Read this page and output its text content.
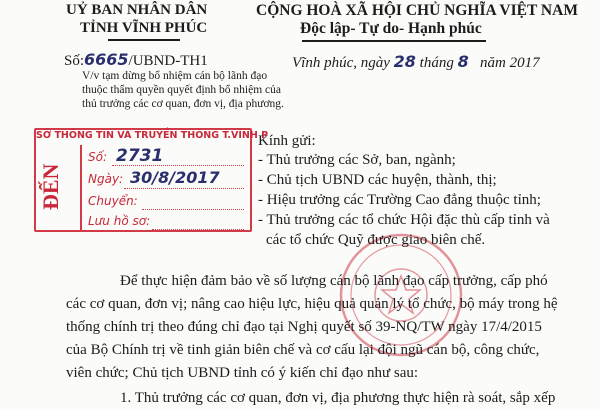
UỶ BAN NHÂN DÂN
TỈNH VĨNH PHÚC
CỘNG HOÀ XÃ HỘI CHỦ NGHĨA VIỆT NAM
Độc lập- Tự do- Hạnh phúc
Số:6665/UBND-TH1	Vĩnh phúc, ngày 28 tháng 8 năm 2017
V/v tạm dừng bổ nhiệm cán bộ lãnh đạo
thuộc thẩm quyền quyết định bổ nhiệm của
thủ trưởng các cơ quan, đơn vị, địa phương.
SỞ THÔNG TIN VÀ TRUYỀN THÔNG T.VĨNH P
ĐẾN
Số: 2731
Ngày: 30/8/2017
Chuyển:
Lưu hồ sơ:
Kính gửi:
- Thủ trưởng các Sở, ban, ngành;
- Chủ tịch UBND các huyện, thành, thị;
- Hiệu trưởng các Trường Cao đẳng thuộc tỉnh;
- Thủ trưởng các tổ chức Hội đặc thù cấp tỉnh và
các tổ chức Quỹ được giao biên chế.
Để thực hiện đảm bảo về số lượng cán bộ lãnh đạo cấp trưởng, cấp phó
các cơ quan, đơn vị; nâng cao hiệu lực, hiệu quả quản lý tổ chức, bộ máy trong hệ
thống chính trị theo đúng chỉ đạo tại Nghị quyết số 39-NQ/TW ngày 17/4/2015
của Bộ Chính trị về tinh giản biên chế và cơ cấu lại đội ngũ cán bộ, công chức,
viên chức; Chủ tịch UBND tỉnh có ý kiến chỉ đạo như sau:
1. Thủ trưởng các cơ quan, đơn vị, địa phương thực hiện rà soát, sắp xếp
